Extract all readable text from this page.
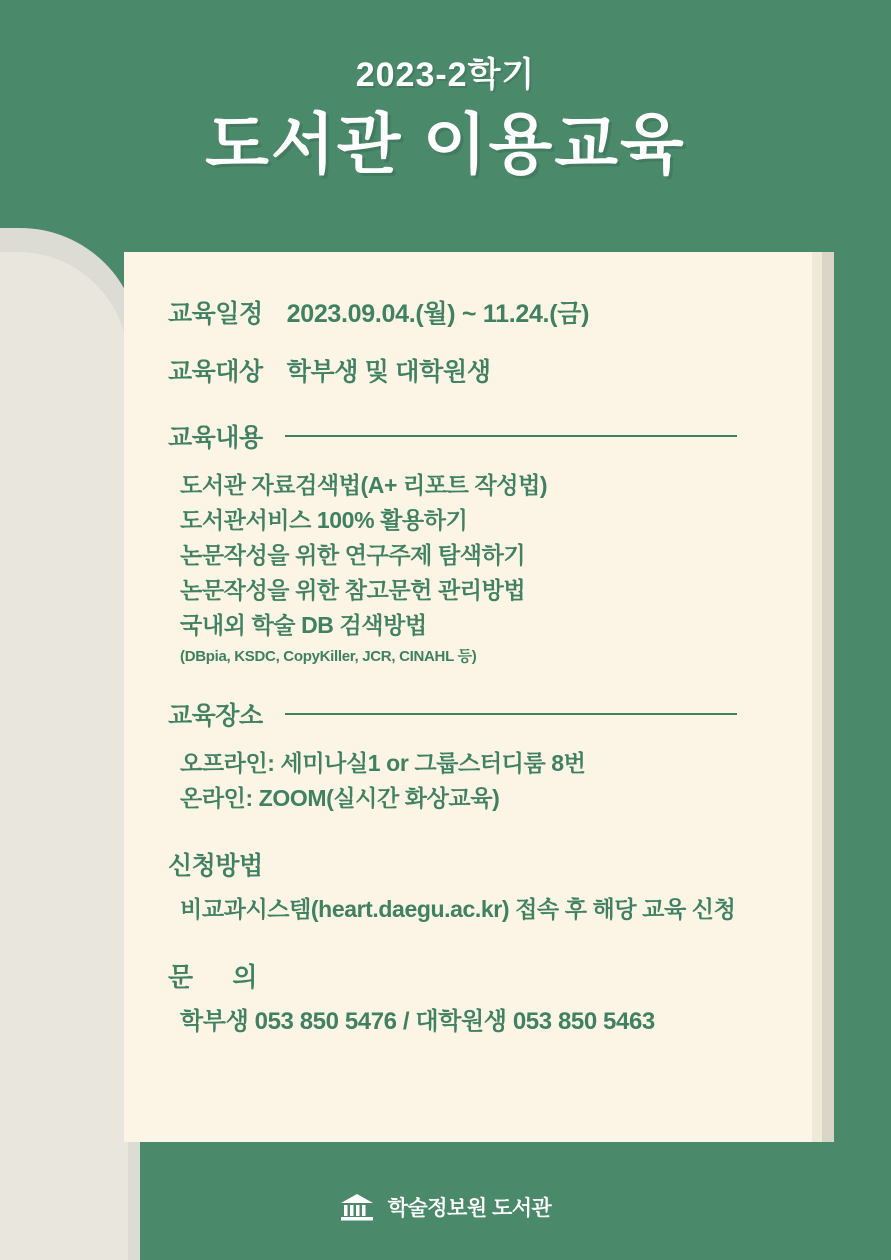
2023-2학기
도서관 이용교육
교육일정 2023.09.04.(월) ~ 11.24.(금)
교육대상 학부생 및 대학원생
교육내용
도서관 자료검색법(A+ 리포트 작성법)
도서관서비스 100% 활용하기
논문작성을 위한 연구주제 탐색하기
논문작성을 위한 참고문헌 관리방법
국내외 학술 DB 검색방법
(DBpia, KSDC, CopyKiller, JCR, CINAHL 등)
교육장소
오프라인: 세미나실1 or 그룹스터디룸 8번
온라인: ZOOM(실시간 화상교육)
신청방법
비교과시스템(heart.daegu.ac.kr) 접속 후 해당 교육 신청
문 의
학부생 053 850 5476 / 대학원생 053 850 5463
학술정보원 도서관
